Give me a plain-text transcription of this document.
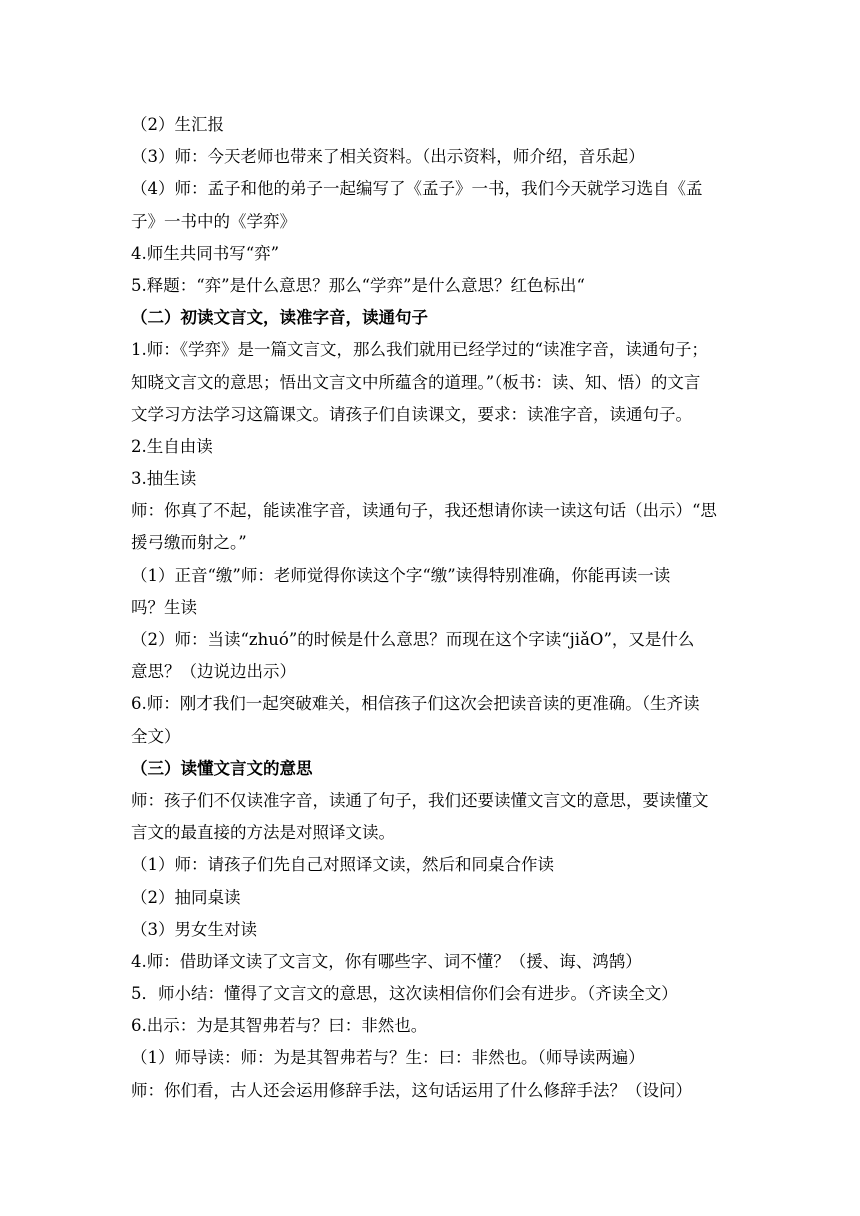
（2）生汇报
（3）师：今天老师也带来了相关资料。（出示资料，师介绍，音乐起）
（4）师：孟子和他的弟子一起编写了《孟子》一书，我们今天就学习选自《孟
子》一书中的《学弈》
4.师生共同书写“弈”
5.释题：“弈”是什么意思？那么“学弈”是什么意思？红色标出“
（二）初读文言文，读准字音，读通句子
1.师：《学弈》是一篇文言文，那么我们就用已经学过的“读准字音，读通句子；
知晓文言文的意思；悟出文言文中所蕴含的道理。”（板书：读、知、悟）的文言
文学习方法学习这篇课文。请孩子们自读课文，要求：读准字音，读通句子。
2.生自由读
3.抽生读
师：你真了不起，能读准字音，读通句子，我还想请你读一读这句话（出示）“思
援弓缴而射之。”
（1）正音“缴”师：老师觉得你读这个字“缴”读得特别准确，你能再读一读
吗？生读
（2）师：当读“zhuó”的时候是什么意思？而现在这个字读“jiǎO”，又是什么
意思？（边说边出示）
6.师：刚才我们一起突破难关，相信孩子们这次会把读音读的更准确。（生齐读
全文）
（三）读懂文言文的意思
师：孩子们不仅读准字音，读通了句子，我们还要读懂文言文的意思，要读懂文
言文的最直接的方法是对照译文读。
（1）师：请孩子们先自己对照译文读，然后和同桌合作读
（2）抽同桌读
（3）男女生对读
4.师：借助译文读了文言文，你有哪些字、词不懂？（援、诲、鸿鹄）
5．师小结：懂得了文言文的意思，这次读相信你们会有进步。（齐读全文）
6.出示：为是其智弗若与？曰：非然也。
（1）师导读：师：为是其智弗若与？生：曰：非然也。（师导读两遍）
师：你们看，古人还会运用修辞手法，这句话运用了什么修辞手法？（设问）
